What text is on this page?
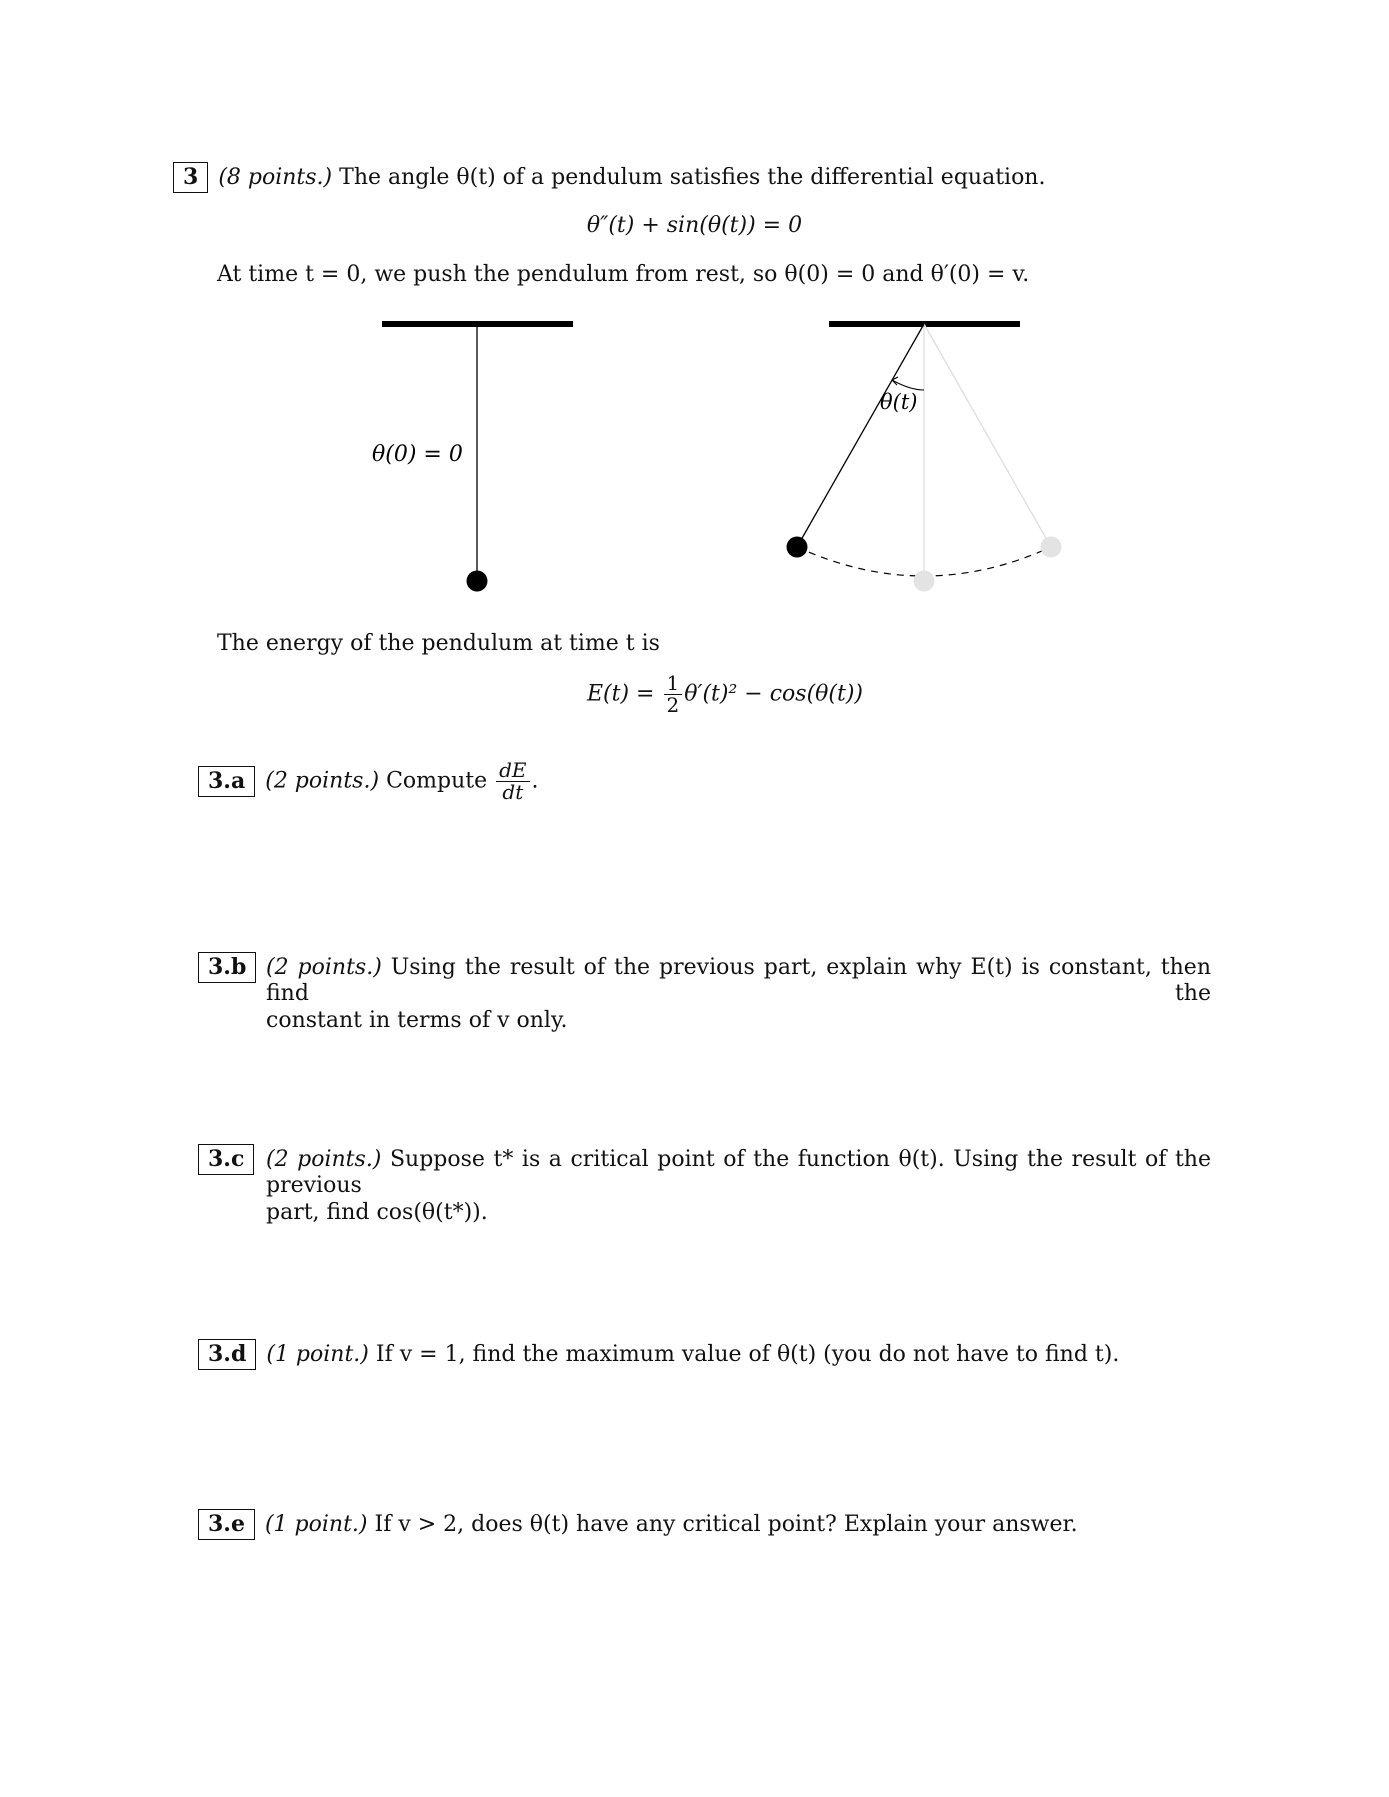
3 (8 points.) The angle θ(t) of a pendulum satisfies the differential equation.
θ″(t) + sin(θ(t)) = 0
At time t = 0, we push the pendulum from rest, so θ(0) = 0 and θ′(0) = v.
θ(0) = 0
θ(t)
The energy of the pendulum at time t is
$E(t) = \frac{1}{2} \theta'(t)^2 - \cos(\theta(t))$
3.a (2 points.) Compute $\frac{dE}{dt}$ .
3.b (2 points.) Using the result of the previous part, explain why E(t) is constant, then find the
constant in terms of v only.
3.c (2 points.) Suppose t* is a critical point of the function θ(t). Using the result of the previous
part, find cos(θ(t*)).
3.d (1 point.) If v = 1, find the maximum value of θ(t) (you do not have to find t).
3.e (1 point.) If v > 2, does θ(t) have any critical point? Explain your answer.
